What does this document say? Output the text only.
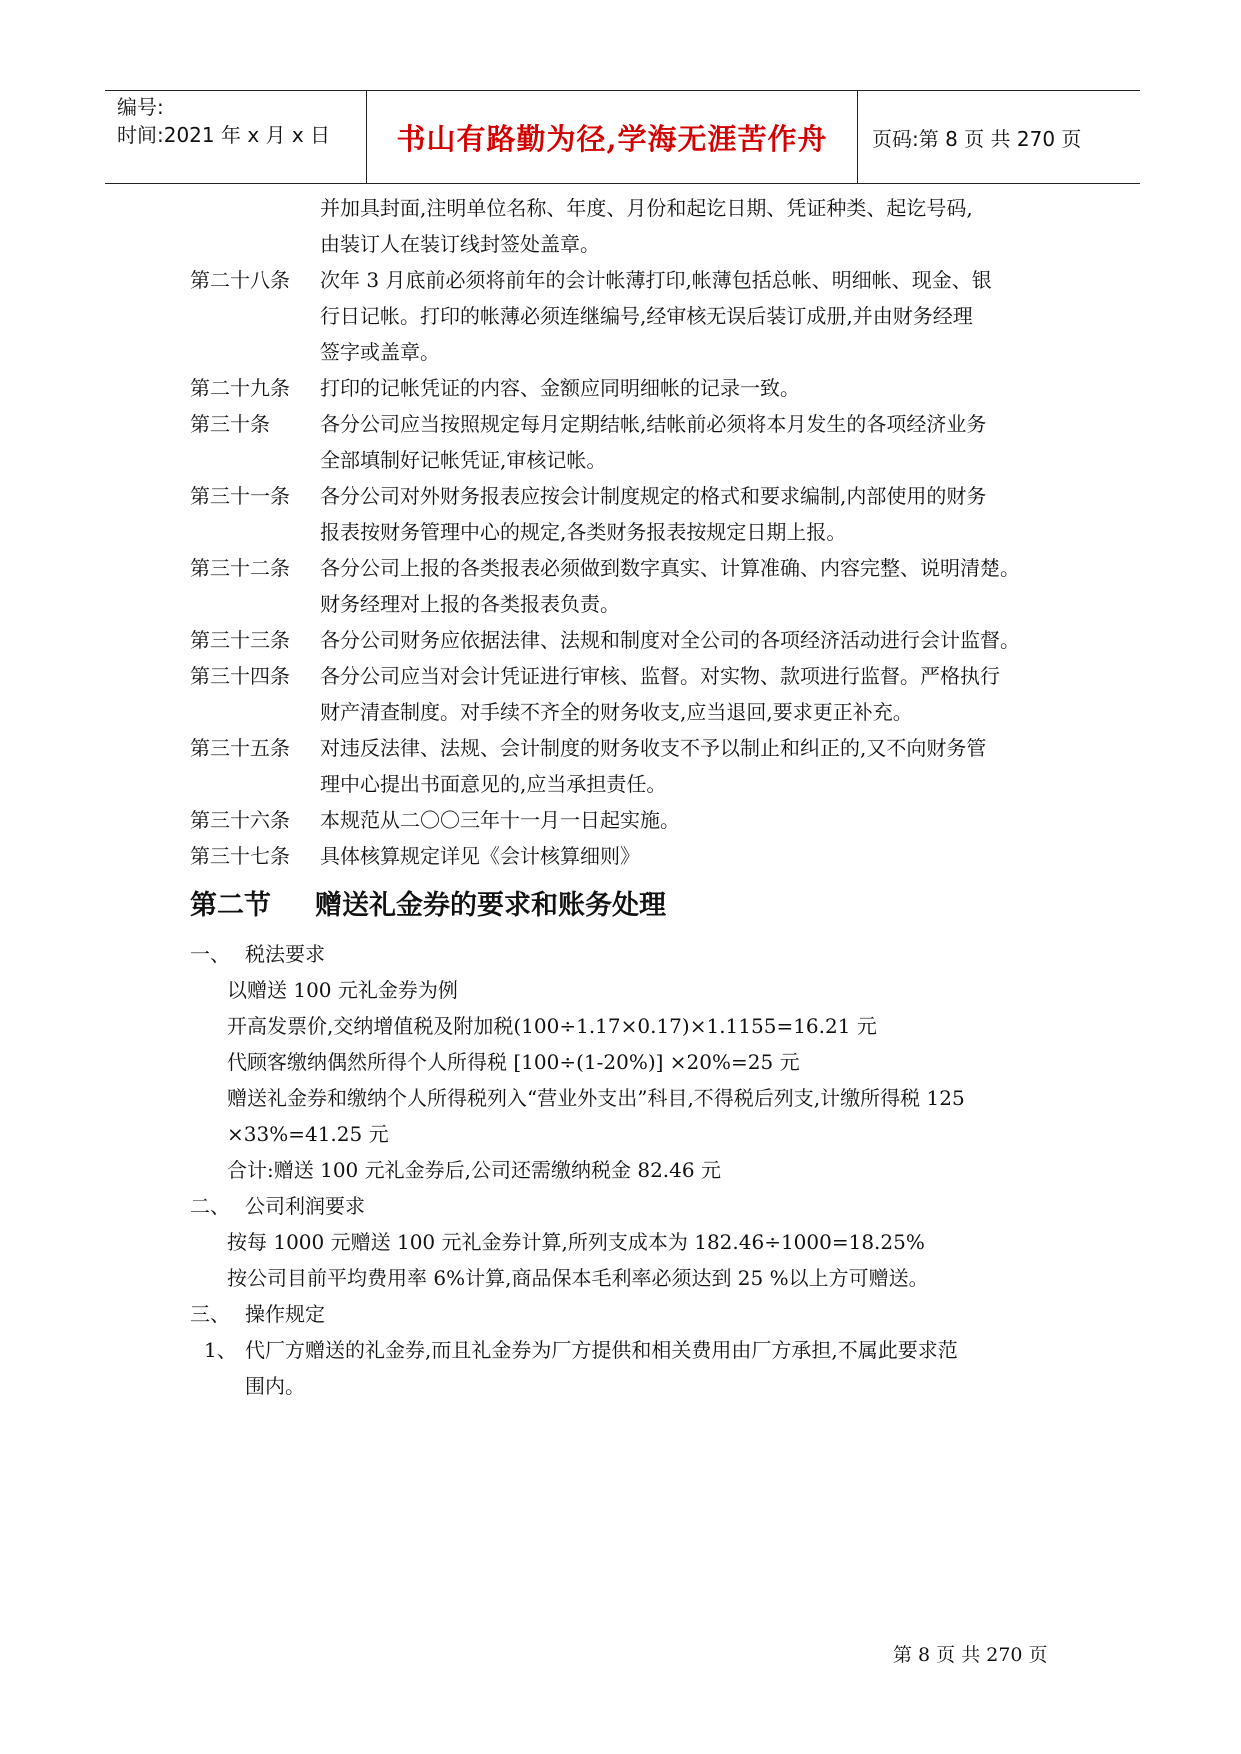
编号:
时间:2021 年 x 月 x 日	书山有路勤为径,学海无涯苦作舟	页码:第 8 页 共 270 页
并加具封面,注明单位名称、年度、月份和起讫日期、凭证种类、起讫号码,
由装订人在装订线封签处盖章。
第二十八条 次年 3 月底前必须将前年的会计帐薄打印,帐薄包括总帐、明细帐、现金、银
行日记帐。打印的帐薄必须连继编号,经审核无误后装订成册,并由财务经理
签字或盖章。
第二十九条 打印的记帐凭证的内容、金额应同明细帐的记录一致。
第三十条	各分公司应当按照规定每月定期结帐,结帐前必须将本月发生的各项经济业务
全部填制好记帐凭证,审核记帐。
第三十一条 各分公司对外财务报表应按会计制度规定的格式和要求编制,内部使用的财务
报表按财务管理中心的规定,各类财务报表按规定日期上报。
第三十二条 各分公司上报的各类报表必须做到数字真实、计算准确、内容完整、说明清楚。
财务经理对上报的各类报表负责。
第三十三条 各分公司财务应依据法律、法规和制度对全公司的各项经济活动进行会计监督。
第三十四条 各分公司应当对会计凭证进行审核、监督。对实物、款项进行监督。严格执行
财产清查制度。对手续不齐全的财务收支,应当退回,要求更正补充。
第三十五条 对违反法律、法规、会计制度的财务收支不予以制止和纠正的,又不向财务管
理中心提出书面意见的,应当承担责任。
第三十六条 本规范从二〇〇三年十一月一日起实施。
第三十七条 具体核算规定详见《会计核算细则》
第二节 赠送礼金券的要求和账务处理
一、 税法要求
以赠送 100 元礼金券为例
开高发票价,交纳增值税及附加税(100÷1.17×0.17)×1.1155=16.21 元
代顾客缴纳偶然所得个人所得税 [100÷(1-20%)] ×20%=25 元
赠送礼金券和缴纳个人所得税列入“营业外支出”科目,不得税后列支,计缴所得税 125
×33%=41.25 元
合计:赠送 100 元礼金券后,公司还需缴纳税金 82.46 元
二、 公司利润要求
按每 1000 元赠送 100 元礼金券计算,所列支成本为 182.46÷1000=18.25%
按公司目前平均费用率 6%计算,商品保本毛利率必须达到 25 %以上方可赠送。
三、 操作规定
1、 代厂方赠送的礼金券,而且礼金券为厂方提供和相关费用由厂方承担,不属此要求范
围内。
第 8 页 共 270 页
